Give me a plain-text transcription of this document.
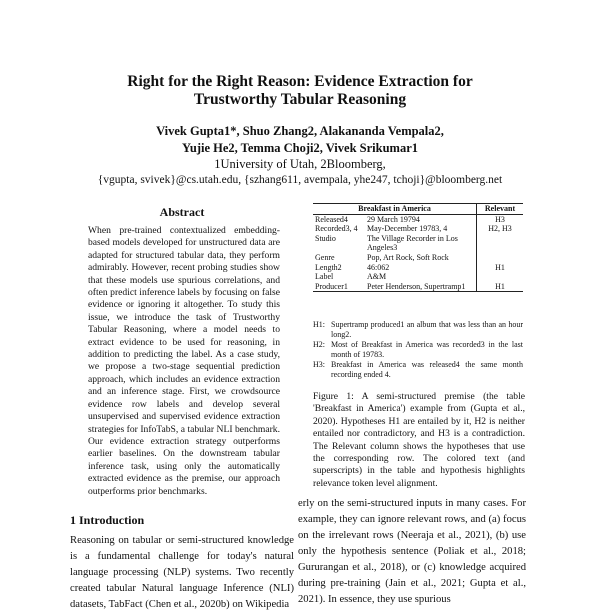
Right for the Right Reason: Evidence Extraction for
Trustworthy Tabular Reasoning
Vivek Gupta1*, Shuo Zhang2, Alakananda Vempala2,
Yujie He2, Temma Choji2, Vivek Srikumar1
1University of Utah, 2Bloomberg,
{vgupta, svivek}@cs.utah.edu, {szhang611, avempala, yhe247, tchoji}@bloomberg.net
Abstract

When pre-trained contextualized embedding-based models developed for unstructured data are adapted for structured tabular data, they perform admirably. However, recent probing studies show that these models use spurious correlations, and often predict inference labels by focusing on false evidence or ignoring it altogether. To study this issue, we introduce the task of Trustworthy Tabular Reasoning, where a model needs to extract evidence to be used for reasoning, in addition to predicting the label. As a case study, we propose a two-stage sequential prediction approach, which includes an evidence extraction and an inference stage. First, we crowdsource evidence row labels and develop several unsupervised and supervised evidence extraction strategies for InfoTabS, a tabular NLI benchmark. Our evidence extraction strategy outperforms earlier baselines. On the downstream tabular inference task, using only the automatically extracted evidence as the premise, our approach outperforms prior benchmarks.

1 Introduction

Reasoning on tabular or semi-structured knowledge is a fundamental challenge for today's natural language processing (NLP) systems. Two recently created tabular Natural language Inference (NLI) datasets, TabFact (Chen et al., 2020b) on Wikipedia

Breakfast in America		Relevant
Released4	29 March 19794	H3
Recorded3, 4	May-December 19783, 4	H2, H3
Studio	The Village Recorder in Los Angeles3	
Genre	Pop, Art Rock, Soft Rock	
Length2	46:062	H1
Label	A&M	
Producer1	Peter Henderson, Supertramp1	H1
H1: Supertramp produced1 an album that was less than an hour long2.
H2: Most of Breakfast in America was recorded3 in the last month of 19783.
H3: Breakfast in America was released4 the same month recording ended 4.
Figure 1: A semi-structured premise (the table 'Breakfast in America') example from (Gupta et al., 2020). Hypotheses H1 are entailed by it, H2 is neither entailed nor contradictory, and H3 is a contradiction. The Relevant column shows the hypotheses that use the corresponding row. The colored text (and superscripts) in the table and hypothesis highlights relevance token level alignment.

erly on the semi-structured inputs in many cases. For example, they can ignore relevant rows, and (a) focus on the irrelevant rows (Neeraja et al., 2021), (b) use only the hypothesis sentence (Poliak et al., 2018; Gururangan et al., 2018), or (c) knowledge acquired during pre-training (Jain et al., 2021; Gupta et al., 2021). In essence, they use spurious
